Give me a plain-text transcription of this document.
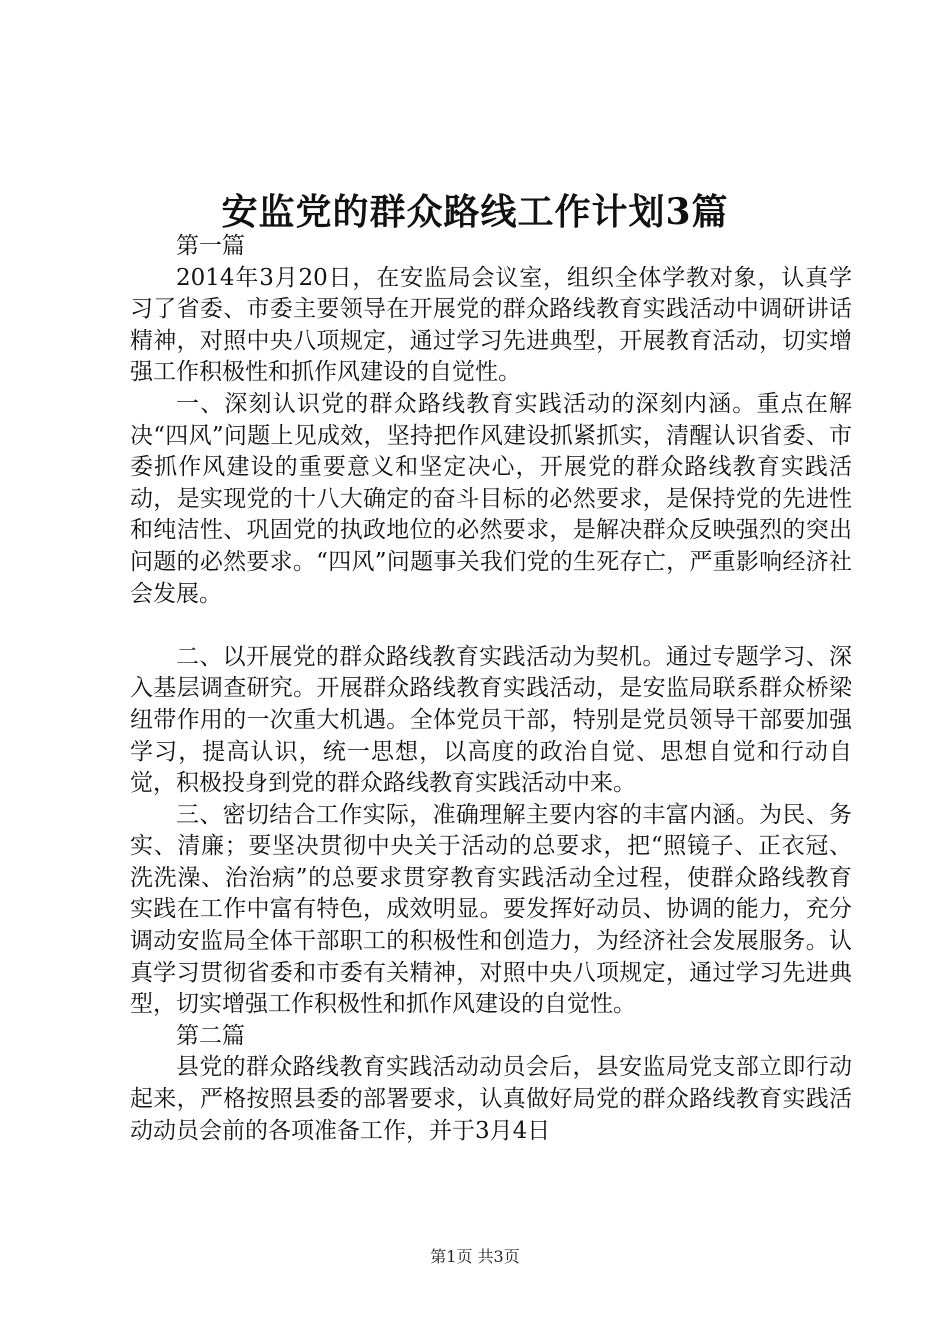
安监党的群众路线工作计划3篇

第一篇

2014年3月20日，在安监局会议室，组织全体学教对象，认真学习了省委、市委主要领导在开展党的群众路线教育实践活动中调研讲话精神，对照中央八项规定，通过学习先进典型，开展教育活动，切实增强工作积极性和抓作风建设的自觉性。

一、深刻认识党的群众路线教育实践活动的深刻内涵。重点在解决“四风”问题上见成效，坚持把作风建设抓紧抓实，清醒认识省委、市委抓作风建设的重要意义和坚定决心，开展党的群众路线教育实践活动，是实现党的十八大确定的奋斗目标的必然要求，是保持党的先进性和纯洁性、巩固党的执政地位的必然要求，是解决群众反映强烈的突出问题的必然要求。“四风”问题事关我们党的生死存亡，严重影响经济社会发展。

二、以开展党的群众路线教育实践活动为契机。通过专题学习、深入基层调查研究。开展群众路线教育实践活动，是安监局联系群众桥梁纽带作用的一次重大机遇。全体党员干部，特别是党员领导干部要加强学习，提高认识，统一思想，以高度的政治自觉、思想自觉和行动自觉，积极投身到党的群众路线教育实践活动中来。

三、密切结合工作实际，准确理解主要内容的丰富内涵。为民、务实、清廉；要坚决贯彻中央关于活动的总要求，把“照镜子、正衣冠、洗洗澡、治治病”的总要求贯穿教育实践活动全过程，使群众路线教育实践在工作中富有特色，成效明显。要发挥好动员、协调的能力，充分调动安监局全体干部职工的积极性和创造力，为经济社会发展服务。认真学习贯彻省委和市委有关精神，对照中央八项规定，通过学习先进典型，切实增强工作积极性和抓作风建设的自觉性。

第二篇

县党的群众路线教育实践活动动员会后，县安监局党支部立即行动起来，严格按照县委的部署要求，认真做好局党的群众路线教育实践活动动员会前的各项准备工作，并于3月4日

第1页 共3页
